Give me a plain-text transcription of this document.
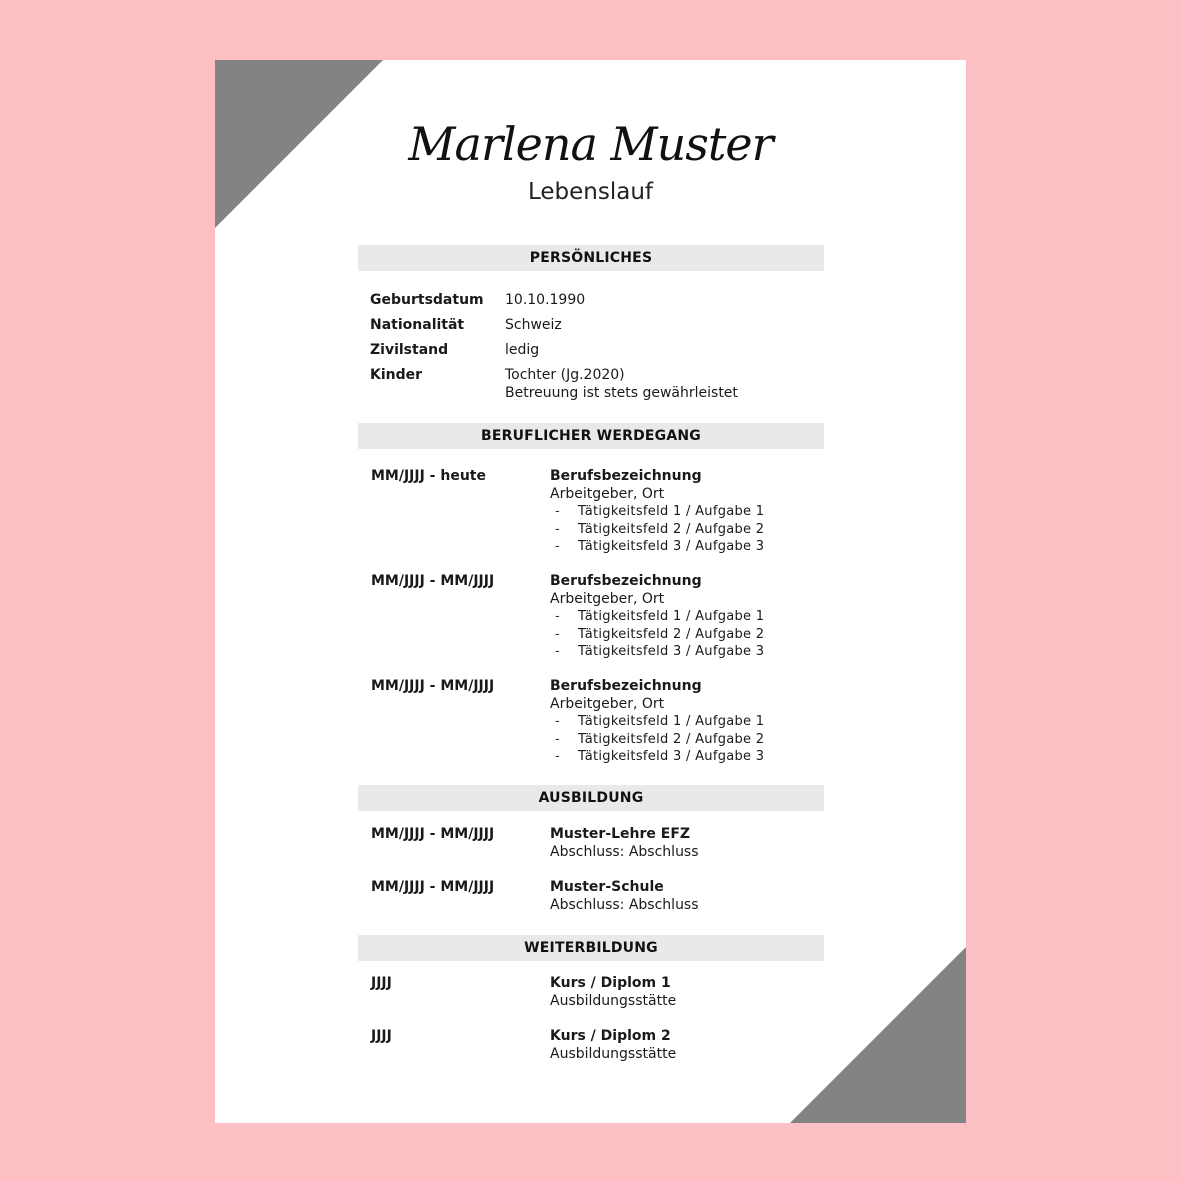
Marlena Muster
Lebenslauf
PERSÖNLICHES
Geburtsdatum 10.10.1990
Nationalität	Schweiz
Zivilstand	ledig
Kinder	Tochter (Jg.2020)
Betreuung ist stets gewährleistet
BERUFLICHER WERDEGANG
MM/JJJJ - heute	Berufsbezeichnung
Arbeitgeber, Ort
- Tätigkeitsfeld 1 / Aufgabe 1
- Tätigkeitsfeld 2 / Aufgabe 2
- Tätigkeitsfeld 3 / Aufgabe 3
MM/JJJJ - MM/JJJJ	Berufsbezeichnung
Arbeitgeber, Ort
- Tätigkeitsfeld 1 / Aufgabe 1
- Tätigkeitsfeld 2 / Aufgabe 2
- Tätigkeitsfeld 3 / Aufgabe 3
MM/JJJJ - MM/JJJJ	Berufsbezeichnung
Arbeitgeber, Ort
- Tätigkeitsfeld 1 / Aufgabe 1
- Tätigkeitsfeld 2 / Aufgabe 2
- Tätigkeitsfeld 3 / Aufgabe 3
AUSBILDUNG
MM/JJJJ - MM/JJJJ	Muster-Lehre EFZ
Abschluss: Abschluss
MM/JJJJ - MM/JJJJ	Muster-Schule
Abschluss: Abschluss
WEITERBILDUNG
JJJJ	Kurs / Diplom 1
Ausbildungsstätte
JJJJ	Kurs / Diplom 2
Ausbildungsstätte
